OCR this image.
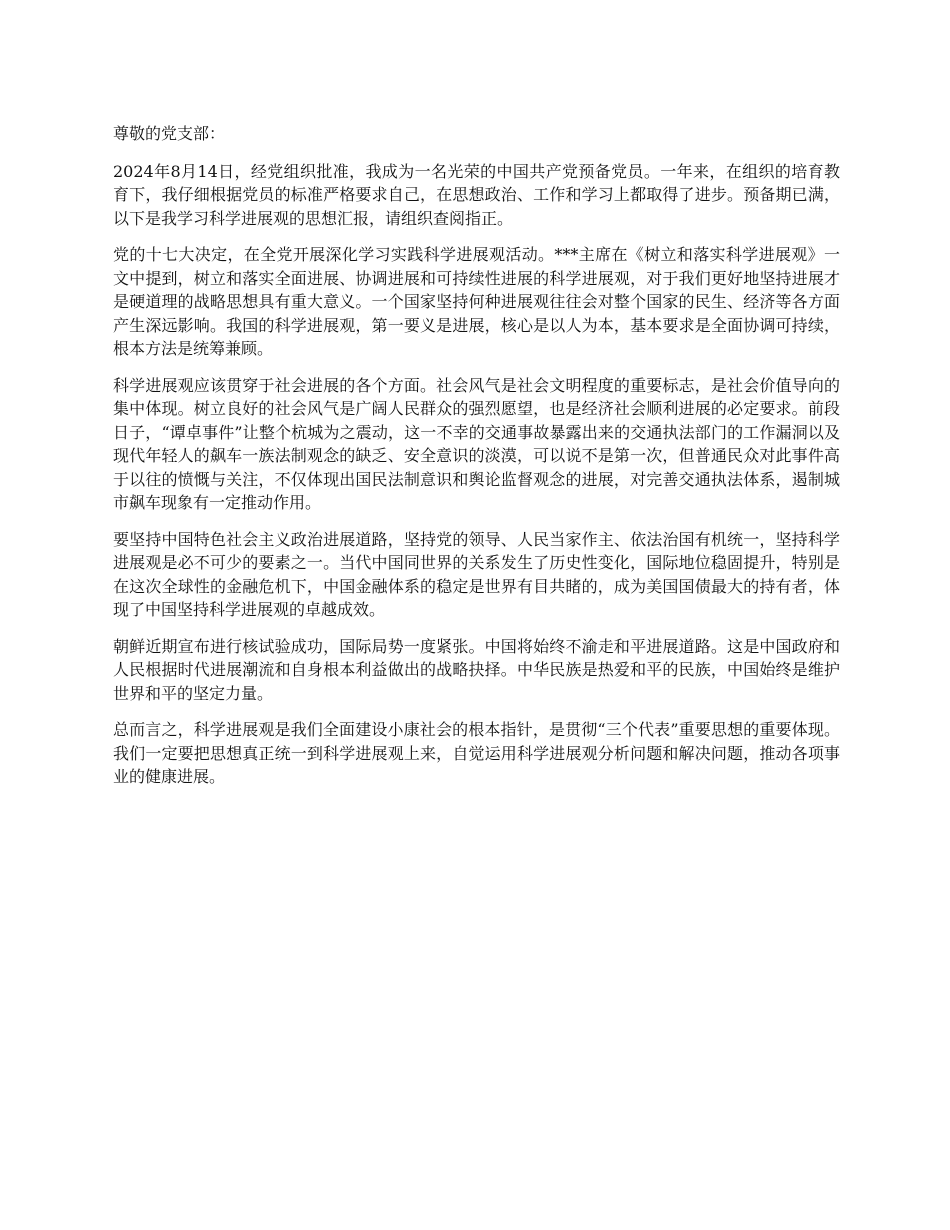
尊敬的党支部：

2024年8月14日，经党组织批准，我成为一名光荣的中国共产党预备党员。一年来，在组织的培育教育下，我仔细根据党员的标准严格要求自己，在思想政治、工作和学习上都取得了进步。预备期已满，以下是我学习科学进展观的思想汇报，请组织查阅指正。

党的十七大决定，在全党开展深化学习实践科学进展观活动。***主席在《树立和落实科学进展观》一文中提到，树立和落实全面进展、协调进展和可持续性进展的科学进展观，对于我们更好地坚持进展才是硬道理的战略思想具有重大意义。一个国家坚持何种进展观往往会对整个国家的民生、经济等各方面产生深远影响。我国的科学进展观，第一要义是进展，核心是以人为本，基本要求是全面协调可持续，根本方法是统筹兼顾。

科学进展观应该贯穿于社会进展的各个方面。社会风气是社会文明程度的重要标志，是社会价值导向的集中体现。树立良好的社会风气是广阔人民群众的强烈愿望，也是经济社会顺利进展的必定要求。前段日子，“谭卓事件”让整个杭城为之震动，这一不幸的交通事故暴露出来的交通执法部门的工作漏洞以及现代年轻人的飙车一族法制观念的缺乏、安全意识的淡漠，可以说不是第一次，但普通民众对此事件高于以往的愤慨与关注，不仅体现出国民法制意识和舆论监督观念的进展，对完善交通执法体系，遏制城市飙车现象有一定推动作用。

要坚持中国特色社会主义政治进展道路，坚持党的领导、人民当家作主、依法治国有机统一，坚持科学进展观是必不可少的要素之一。当代中国同世界的关系发生了历史性变化，国际地位稳固提升，特别是在这次全球性的金融危机下，中国金融体系的稳定是世界有目共睹的，成为美国国债最大的持有者，体现了中国坚持科学进展观的卓越成效。

朝鲜近期宣布进行核试验成功，国际局势一度紧张。中国将始终不渝走和平进展道路。这是中国政府和人民根据时代进展潮流和自身根本利益做出的战略抉择。中华民族是热爱和平的民族，中国始终是维护世界和平的坚定力量。

总而言之，科学进展观是我们全面建设小康社会的根本指针，是贯彻“三个代表”重要思想的重要体现。我们一定要把思想真正统一到科学进展观上来，自觉运用科学进展观分析问题和解决问题，推动各项事业的健康进展。
